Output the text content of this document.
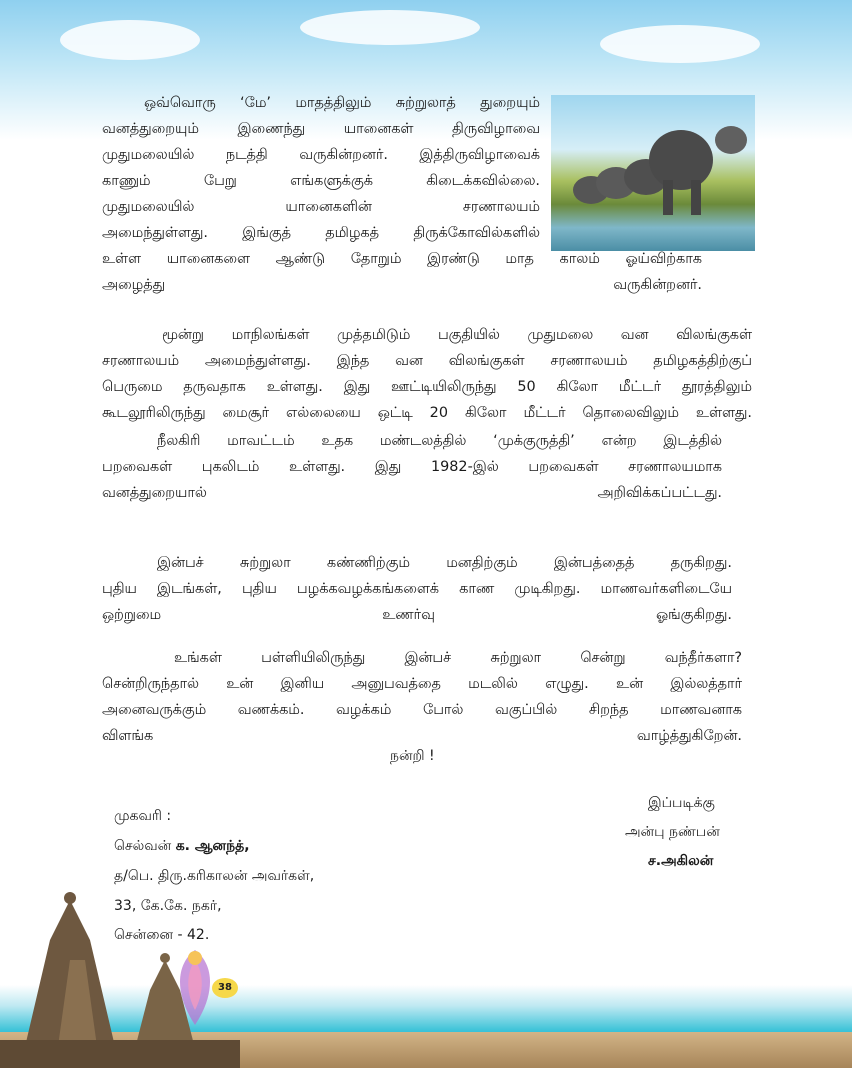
ஒவ்வொரு ‘மே’ மாதத்திலும் சுற்றுலாத் துறையும்
வனத்துறையும் இணைந்து யானைகள் திருவிழாவை
முதுமலையில் நடத்தி வருகின்றனர். இத்திருவிழாவைக்
காணும் பேறு எங்களுக்குக் கிடைக்கவில்லை.
முதுமலையில் யானைகளின் சரணாலயம்
அமைந்துள்ளது. இங்குத் தமிழகத் திருக்கோவில்களில்
உள்ள யானைகளை ஆண்டு தோறும் இரண்டு மாத காலம் ஓய்விற்காக
அழைத்து வருகின்றனர்.
மூன்று மாநிலங்கள் முத்தமிடும் பகுதியில் முதுமலை வன விலங்குகள்
சரணாலயம் அமைந்துள்ளது. இந்த வன விலங்குகள் சரணாலயம் தமிழகத்திற்குப்
பெருமை தருவதாக உள்ளது. இது ஊட்டியிலிருந்து 50 கிலோ மீட்டர் தூரத்திலும்
கூடலூரிலிருந்து மைசூர் எல்லையை ஒட்டி 20 கிலோ மீட்டர் தொலைவிலும் உள்ளது.
நீலகிரி மாவட்டம் உதக மண்டலத்தில் ‘முக்குருத்தி’ என்ற இடத்தில்
பறவைகள் புகலிடம் உள்ளது. இது 1982-இல் பறவைகள் சரணாலயமாக
வனத்துறையால் அறிவிக்கப்பட்டது.
இன்பச் சுற்றுலா கண்ணிற்கும் மனதிற்கும் இன்பத்தைத் தருகிறது.
புதிய இடங்கள், புதிய பழக்கவழக்கங்களைக் காண முடிகிறது. மாணவர்களிடையே
ஒற்றுமை உணர்வு ஓங்குகிறது.
உங்கள் பள்ளியிலிருந்து இன்பச் சுற்றுலா சென்று வந்தீர்களா?
சென்றிருந்தால் உன் இனிய அனுபவத்தை மடலில் எழுது. உன் இல்லத்தார்
அனைவருக்கும் வணக்கம். வழக்கம் போல் வகுப்பில் சிறந்த மாணவனாக
விளங்க வாழ்த்துகிறேன்.
நன்றி !
இப்படிக்கு
அன்பு நண்பன்
ச.அகிலன்
முகவரி :
செல்வன் க. ஆனந்த்,
த/பெ. திரு.கரிகாலன் அவர்கள்,
33, கே.கே. நகர்,
சென்னை - 42.
38
